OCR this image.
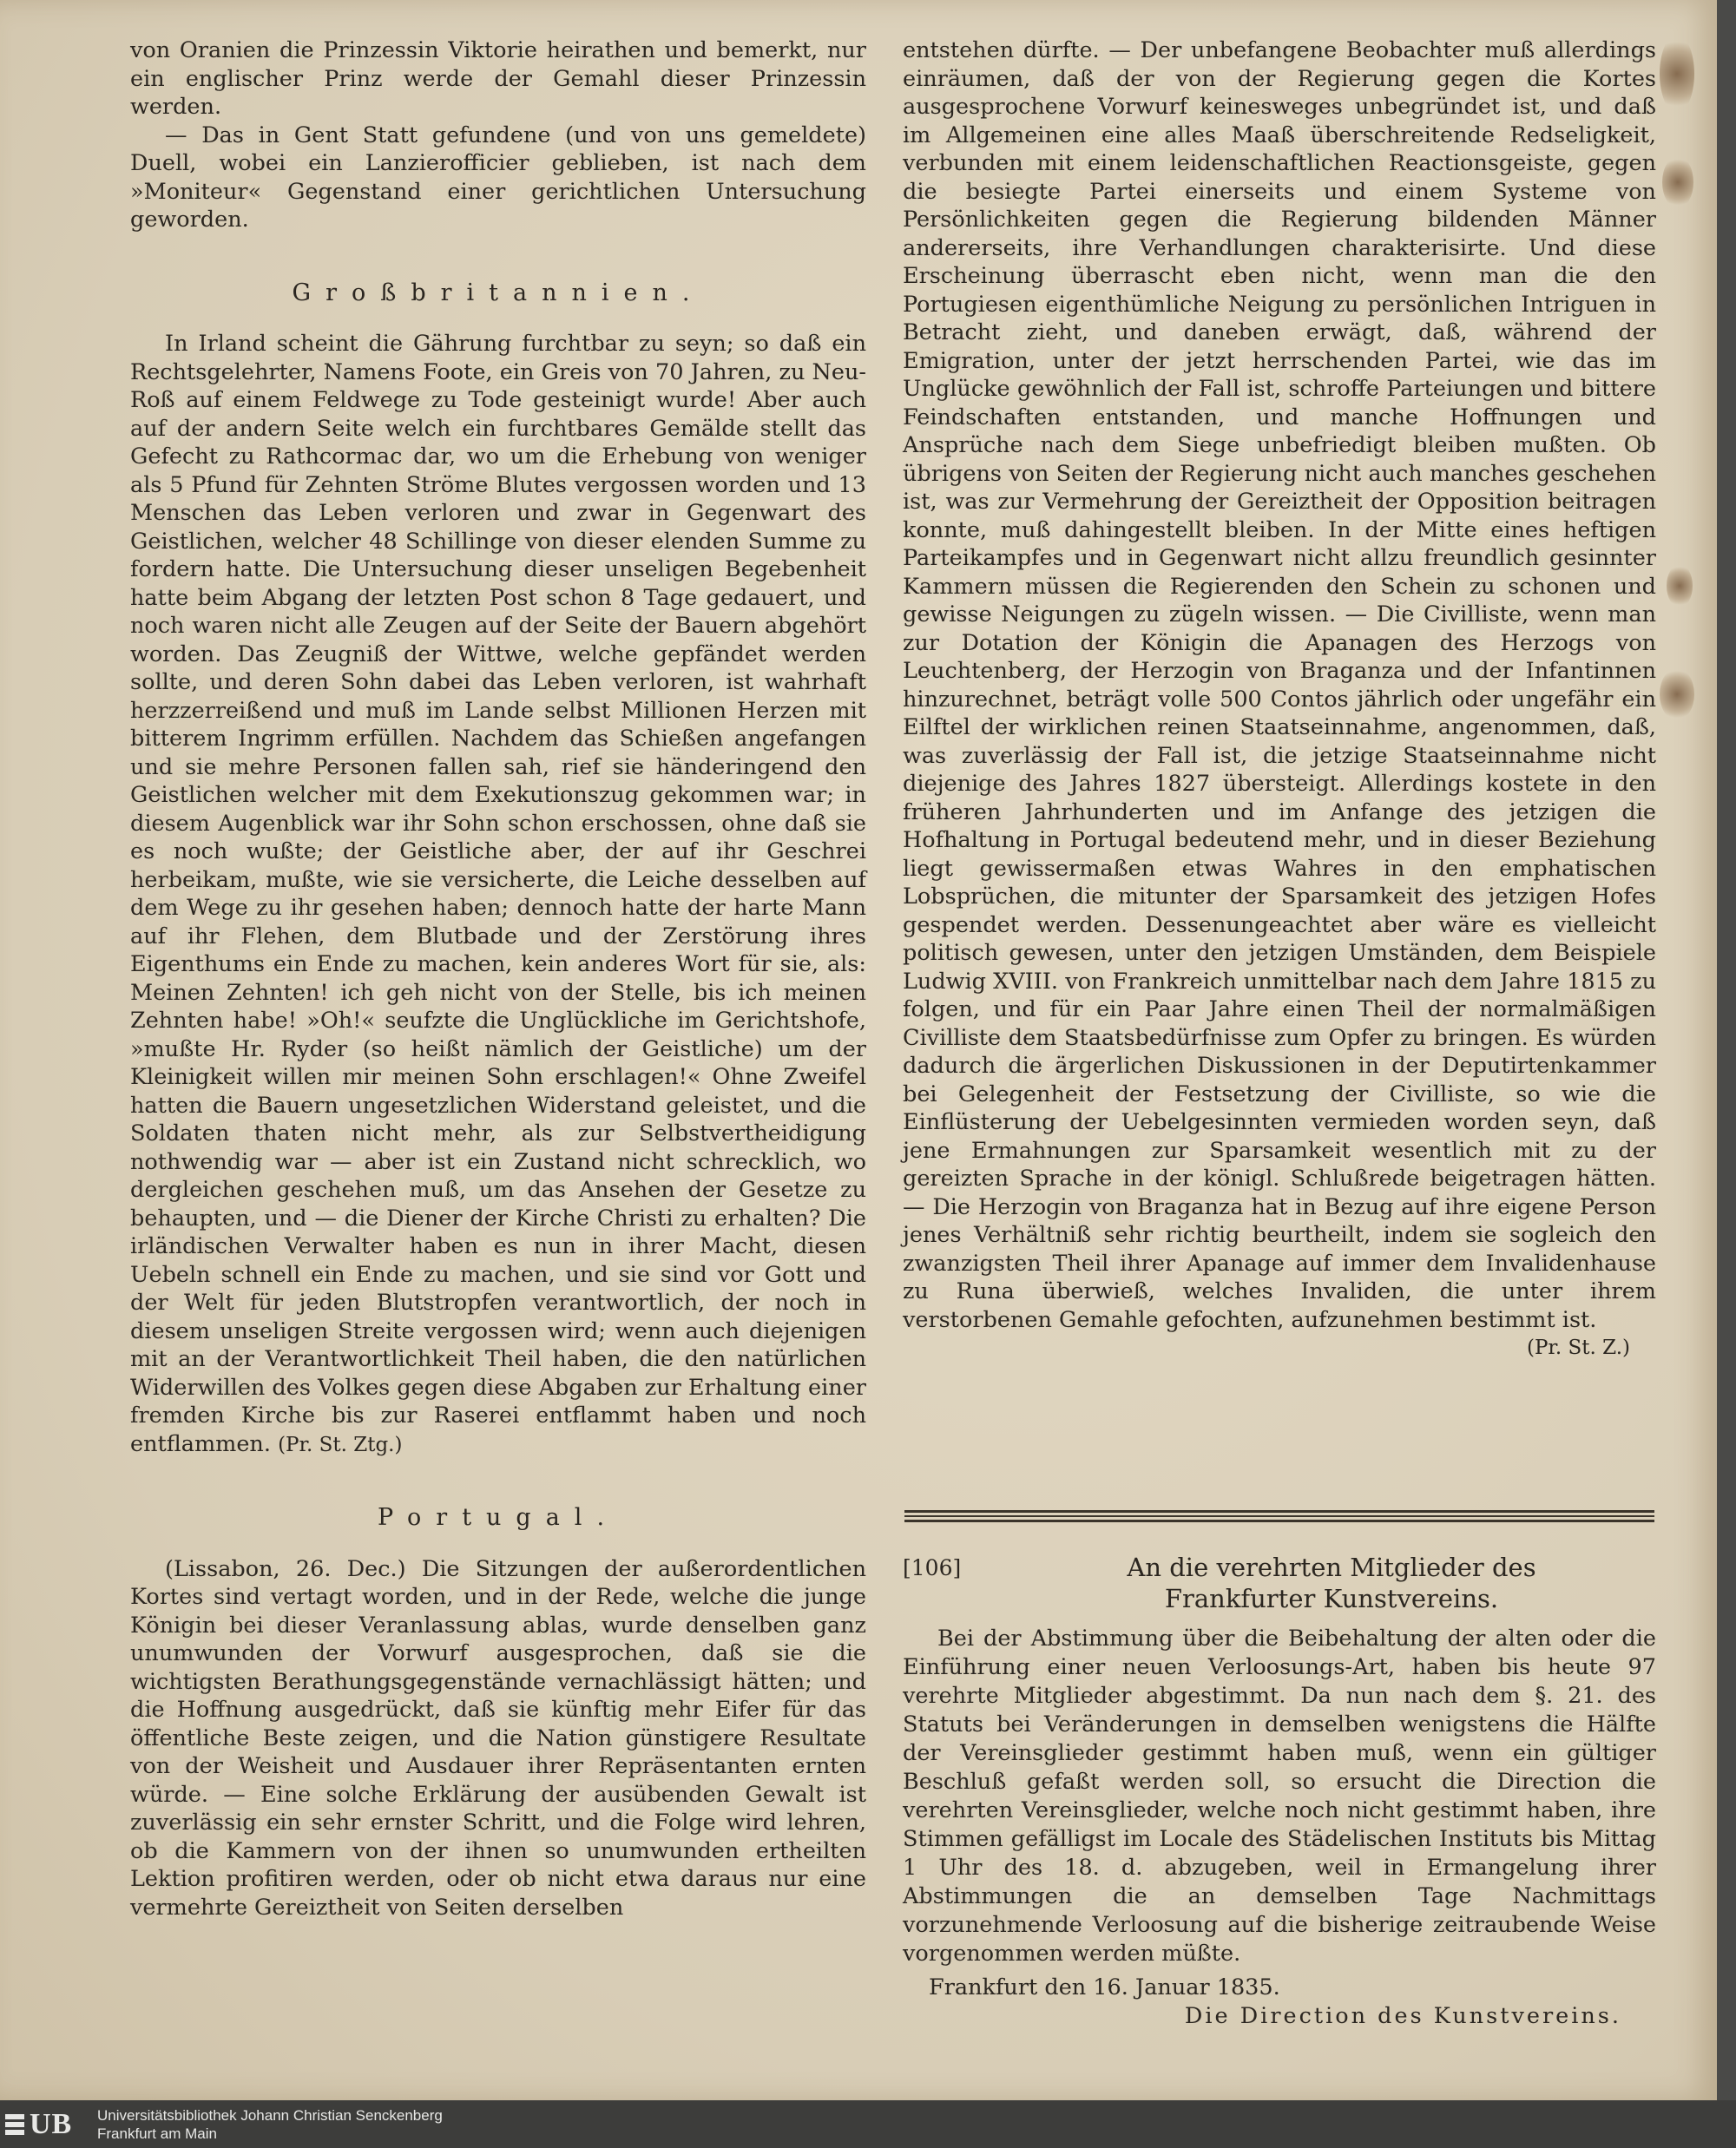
von Oranien die Prinzessin Viktorie heirathen und bemerkt, nur ein englischer Prinz werde der Gemahl dieser Prinzessin werden.

— Das in Gent Statt gefundene (und von uns gemeldete) Duell, wobei ein Lanzierofficier geblieben, ist nach dem »Moniteur« Gegenstand einer gerichtlichen Untersuchung geworden.

Großbritannien.

In Irland scheint die Gährung furchtbar zu seyn; so daß ein Rechtsgelehrter, Namens Foote, ein Greis von 70 Jahren, zu Neu-Roß auf einem Feldwege zu Tode gesteinigt wurde! Aber auch auf der andern Seite welch ein furchtbares Gemälde stellt das Gefecht zu Rathcormac dar, wo um die Erhebung von weniger als 5 Pfund für Zehnten Ströme Blutes vergossen worden und 13 Menschen das Leben verloren und zwar in Gegenwart des Geistlichen, welcher 48 Schillinge von dieser elenden Summe zu fordern hatte. Die Untersuchung dieser unseligen Begebenheit hatte beim Abgang der letzten Post schon 8 Tage gedauert, und noch waren nicht alle Zeugen auf der Seite der Bauern abgehört worden. Das Zeugniß der Wittwe, welche gepfändet werden sollte, und deren Sohn dabei das Leben verloren, ist wahrhaft herzzerreißend und muß im Lande selbst Millionen Herzen mit bitterem Ingrimm erfüllen. Nachdem das Schießen angefangen und sie mehre Personen fallen sah, rief sie händeringend den Geistlichen welcher mit dem Exekutionszug gekommen war; in diesem Augenblick war ihr Sohn schon erschossen, ohne daß sie es noch wußte; der Geistliche aber, der auf ihr Geschrei herbeikam, mußte, wie sie versicherte, die Leiche desselben auf dem Wege zu ihr gesehen haben; dennoch hatte der harte Mann auf ihr Flehen, dem Blutbade und der Zerstörung ihres Eigenthums ein Ende zu machen, kein anderes Wort für sie, als: Meinen Zehnten! ich geh nicht von der Stelle, bis ich meinen Zehnten habe! »Oh!« seufzte die Unglückliche im Gerichtshofe, »mußte Hr. Ryder (so heißt nämlich der Geistliche) um der Kleinigkeit willen mir meinen Sohn erschlagen!« Ohne Zweifel hatten die Bauern ungesetzlichen Widerstand geleistet, und die Soldaten thaten nicht mehr, als zur Selbstvertheidigung nothwendig war — aber ist ein Zustand nicht schrecklich, wo dergleichen geschehen muß, um das Ansehen der Gesetze zu behaupten, und — die Diener der Kirche Christi zu erhalten? Die irländischen Verwalter haben es nun in ihrer Macht, diesen Uebeln schnell ein Ende zu machen, und sie sind vor Gott und der Welt für jeden Blutstropfen verantwortlich, der noch in diesem unseligen Streite vergossen wird; wenn auch diejenigen mit an der Verantwortlichkeit Theil haben, die den natürlichen Widerwillen des Volkes gegen diese Abgaben zur Erhaltung einer fremden Kirche bis zur Raserei entflammt haben und noch entflammen. (Pr. St. Ztg.)

Portugal.

(Lissabon, 26. Dec.) Die Sitzungen der außerordentlichen Kortes sind vertagt worden, und in der Rede, welche die junge Königin bei dieser Veranlassung ablas, wurde denselben ganz unumwunden der Vorwurf ausgesprochen, daß sie die wichtigsten Berathungsgegenstände vernachlässigt hätten; und die Hoffnung ausgedrückt, daß sie künftig mehr Eifer für das öffentliche Beste zeigen, und die Nation günstigere Resultate von der Weisheit und Ausdauer ihrer Repräsentanten ernten würde. — Eine solche Erklärung der ausübenden Gewalt ist zuverlässig ein sehr ernster Schritt, und die Folge wird lehren, ob die Kammern von der ihnen so unumwunden ertheilten Lektion profitiren werden, oder ob nicht etwa daraus nur eine vermehrte Gereiztheit von Seiten derselben

entstehen dürfte. — Der unbefangene Beobachter muß allerdings einräumen, daß der von der Regierung gegen die Kortes ausgesprochene Vorwurf keinesweges unbegründet ist, und daß im Allgemeinen eine alles Maaß überschreitende Redseligkeit, verbunden mit einem leidenschaftlichen Reactionsgeiste, gegen die besiegte Partei einerseits und einem Systeme von Persönlichkeiten gegen die Regierung bildenden Männer andererseits, ihre Verhandlungen charakterisirte. Und diese Erscheinung überrascht eben nicht, wenn man die den Portugiesen eigenthümliche Neigung zu persönlichen Intriguen in Betracht zieht, und daneben erwägt, daß, während der Emigration, unter der jetzt herrschenden Partei, wie das im Unglücke gewöhnlich der Fall ist, schroffe Parteiungen und bittere Feindschaften entstanden, und manche Hoffnungen und Ansprüche nach dem Siege unbefriedigt bleiben mußten. Ob übrigens von Seiten der Regierung nicht auch manches geschehen ist, was zur Vermehrung der Gereiztheit der Opposition beitragen konnte, muß dahingestellt bleiben. In der Mitte eines heftigen Parteikampfes und in Gegenwart nicht allzu freundlich gesinnter Kammern müssen die Regierenden den Schein zu schonen und gewisse Neigungen zu zügeln wissen. — Die Civilliste, wenn man zur Dotation der Königin die Apanagen des Herzogs von Leuchtenberg, der Herzogin von Braganza und der Infantinnen hinzurechnet, beträgt volle 500 Contos jährlich oder ungefähr ein Eilftel der wirklichen reinen Staatseinnahme, angenommen, daß, was zuverlässig der Fall ist, die jetzige Staatseinnahme nicht diejenige des Jahres 1827 übersteigt. Allerdings kostete in den früheren Jahrhunderten und im Anfange des jetzigen die Hofhaltung in Portugal bedeutend mehr, und in dieser Beziehung liegt gewissermaßen etwas Wahres in den emphatischen Lobsprüchen, die mitunter der Sparsamkeit des jetzigen Hofes gespendet werden. Dessenungeachtet aber wäre es vielleicht politisch gewesen, unter den jetzigen Umständen, dem Beispiele Ludwig XVIII. von Frankreich unmittelbar nach dem Jahre 1815 zu folgen, und für ein Paar Jahre einen Theil der normalmäßigen Civilliste dem Staatsbedürfnisse zum Opfer zu bringen. Es würden dadurch die ärgerlichen Diskussionen in der Deputirtenkammer bei Gelegenheit der Festsetzung der Civilliste, so wie die Einflüsterung der Uebelgesinnten vermieden worden seyn, daß jene Ermahnungen zur Sparsamkeit wesentlich mit zu der gereizten Sprache in der königl. Schlußrede beigetragen hätten. — Die Herzogin von Braganza hat in Bezug auf ihre eigene Person jenes Verhältniß sehr richtig beurtheilt, indem sie sogleich den zwanzigsten Theil ihrer Apanage auf immer dem Invalidenhause zu Runa überwieß, welches Invaliden, die unter ihrem verstorbenen Gemahle gefochten, aufzunehmen bestimmt ist.

(Pr. St. Z.)
[106]	An die verehrten Mitglieder des
Frankfurter Kunstvereins.

Bei der Abstimmung über die Beibehaltung der alten oder die Einführung einer neuen Verloosungs-Art, haben bis heute 97 verehrte Mitglieder abgestimmt. Da nun nach dem §. 21. des Statuts bei Veränderungen in demselben wenigstens die Hälfte der Vereinsglieder gestimmt haben muß, wenn ein gültiger Beschluß gefaßt werden soll, so ersucht die Direction die verehrten Vereinsglieder, welche noch nicht gestimmt haben, ihre Stimmen gefälligst im Locale des Städelischen Instituts bis Mittag 1 Uhr des 18. d. abzugeben, weil in Ermangelung ihrer Abstimmungen die an demselben Tage Nachmittags vorzunehmende Verloosung auf die bisherige zeitraubende Weise vorgenommen werden müßte.

Frankfurt den 16. Januar 1835.
Die Direction des Kunstvereins.
UB Universitätsbibliothek Johann Christian Senckenberg
Frankfurt am Main
